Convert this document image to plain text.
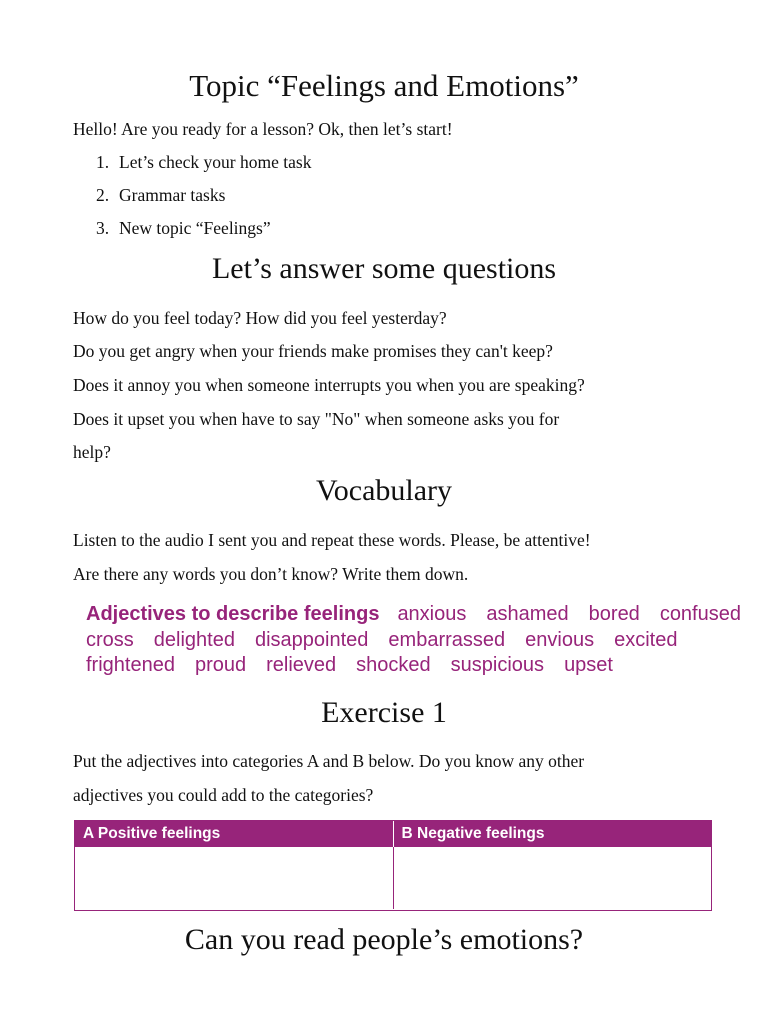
Topic “Feelings and Emotions”

Hello! Are you ready for a lesson? Ok, then let’s start!

1. Let’s check your home task
2. Grammar tasks
3. New topic “Feelings”
Let’s answer some questions

How do you feel today? How did you feel yesterday?

Do you get angry when your friends make promises they can't keep?

Does it annoy you when someone interrupts you when you are speaking?

Does it upset you when have to say "No" when someone asks you for

help?

Vocabulary

Listen to the audio I sent you and repeat these words. Please, be attentive!

Are there any words you don’t know? Write them down.

Adjectives to describe feelings anxious ashamed bored confused
cross delighted disappointed embarrassed envious excited
frightened proud relieved shocked suspicious upset
Exercise 1

Put the adjectives into categories A and B below. Do you know any other

adjectives you could add to the categories?

A Positive feelings	B Negative feelings
Can you read people’s emotions?
